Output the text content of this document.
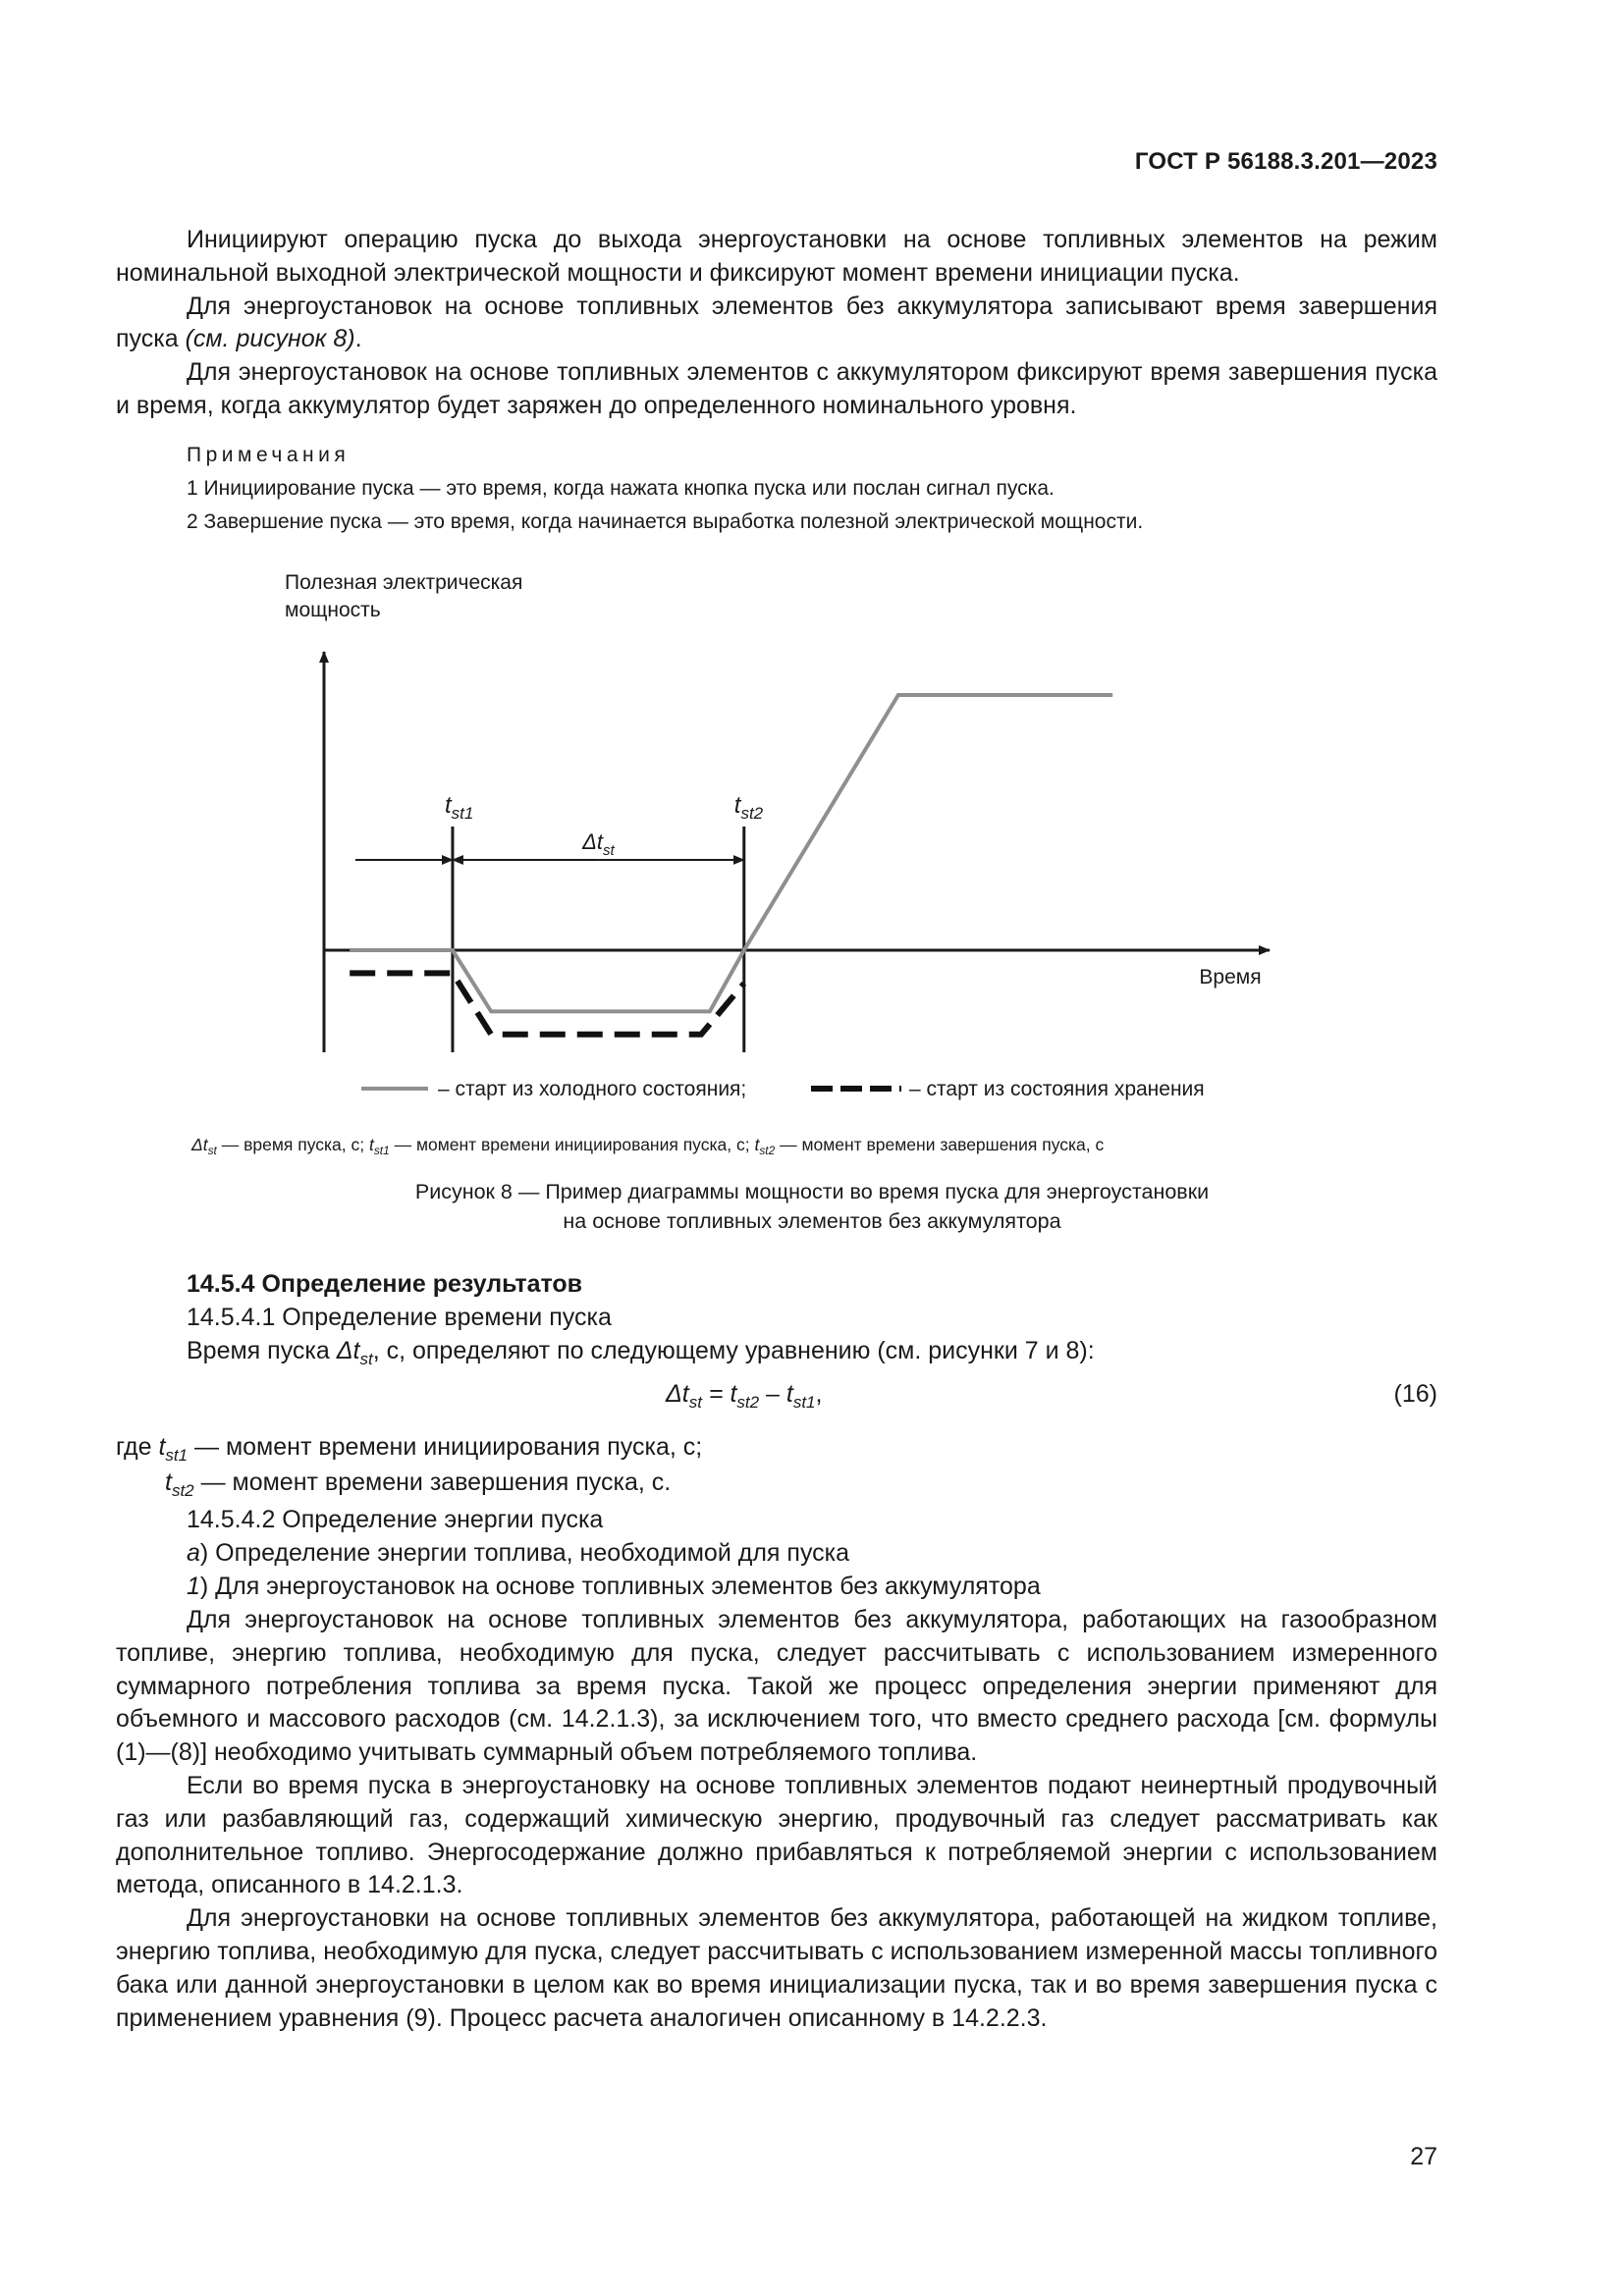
ГОСТ Р 56188.3.201—2023

Инициируют операцию пуска до выхода энергоустановки на основе топливных элементов на режим номинальной выходной электрической мощности и фиксируют момент времени инициации пуска.

Для энергоустановок на основе топливных элементов без аккумулятора записывают время завершения пуска (см. рисунок 8).

Для энергоустановок на основе топливных элементов с аккумулятором фиксируют время завершения пуска и время, когда аккумулятор будет заряжен до определенного номинального уровня.

Примечания
1 Инициирование пуска — это время, когда нажата кнопка пуска или послан сигнал пуска.
2 Завершение пуска — это время, когда начинается выработка полезной электрической мощности.
Полезная электрическая
мощность
Время
$t_{st1}$	$t_{st2}$
$\Delta t_{st}$
– старт из холодного состояния;	– старт из состояния хранения
$\Delta t_{st}$ — время пуска, с; $t_{st1}$ — момент времени инициирования пуска, с; $t_{st2}$ — момент времени завершения пуска, с
Рисунок 8 — Пример диаграммы мощности во время пуска для энергоустановки
на основе топливных элементов без аккумулятора
14.5.4 Определение результатов
14.5.4.1 Определение времени пуска
Время пуска $\Delta t_{st}$, с, определяют по следующему уравнению (см. рисунки 7 и 8):
$\Delta t_{st} = t_{st2} - t_{st1}$,	(16)
где $t_{st1}$ — момент времени инициирования пуска, с;
$t_{st2}$ — момент времени завершения пуска, с.
14.5.4.2 Определение энергии пуска
а) Определение энергии топлива, необходимой для пуска
1) Для энергоустановок на основе топливных элементов без аккумулятора

Для энергоустановок на основе топливных элементов без аккумулятора, работающих на газообразном топливе, энергию топлива, необходимую для пуска, следует рассчитывать с использованием измеренного суммарного потребления топлива за время пуска. Такой же процесс определения энергии применяют для объемного и массового расходов (см. 14.2.1.3), за исключением того, что вместо среднего расхода [см. формулы (1)—(8)] необходимо учитывать суммарный объем потребляемого топлива.

Если во время пуска в энергоустановку на основе топливных элементов подают неинертный продувочный газ или разбавляющий газ, содержащий химическую энергию, продувочный газ следует рассматривать как дополнительное топливо. Энергосодержание должно прибавляться к потребляемой энергии с использованием метода, описанного в 14.2.1.3.

Для энергоустановки на основе топливных элементов без аккумулятора, работающей на жидком топливе, энергию топлива, необходимую для пуска, следует рассчитывать с использованием измеренной массы топливного бака или данной энергоустановки в целом как во время инициализации пуска, так и во время завершения пуска с применением уравнения (9). Процесс расчета аналогичен описанному в 14.2.2.3.

27
